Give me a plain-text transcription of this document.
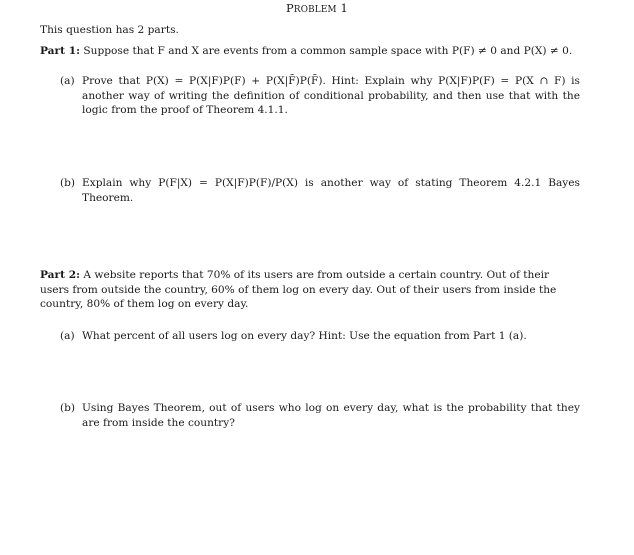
PROBLEM 1
This question has 2 parts.
Part 1: Suppose that F and X are events from a common sample space with P(F) ≠ 0 and P(X) ≠ 0.
(a) Prove that P(X) = P(X|F)P(F) + P(X|F̄)P(F̄). Hint: Explain why P(X|F)P(F) = P(X ∩ F) is another way of writing the definition of conditional probability, and then use that with the logic from the proof of Theorem 4.1.1.
(b) Explain why P(F|X) = P(X|F)P(F)/P(X) is another way of stating Theorem 4.2.1 Bayes Theorem.
Part 2: A website reports that 70% of its users are from outside a certain country. Out of their users from outside the country, 60% of them log on every day. Out of their users from inside the country, 80% of them log on every day.
(a) What percent of all users log on every day? Hint: Use the equation from Part 1 (a).
(b) Using Bayes Theorem, out of users who log on every day, what is the probability that they are from inside the country?
